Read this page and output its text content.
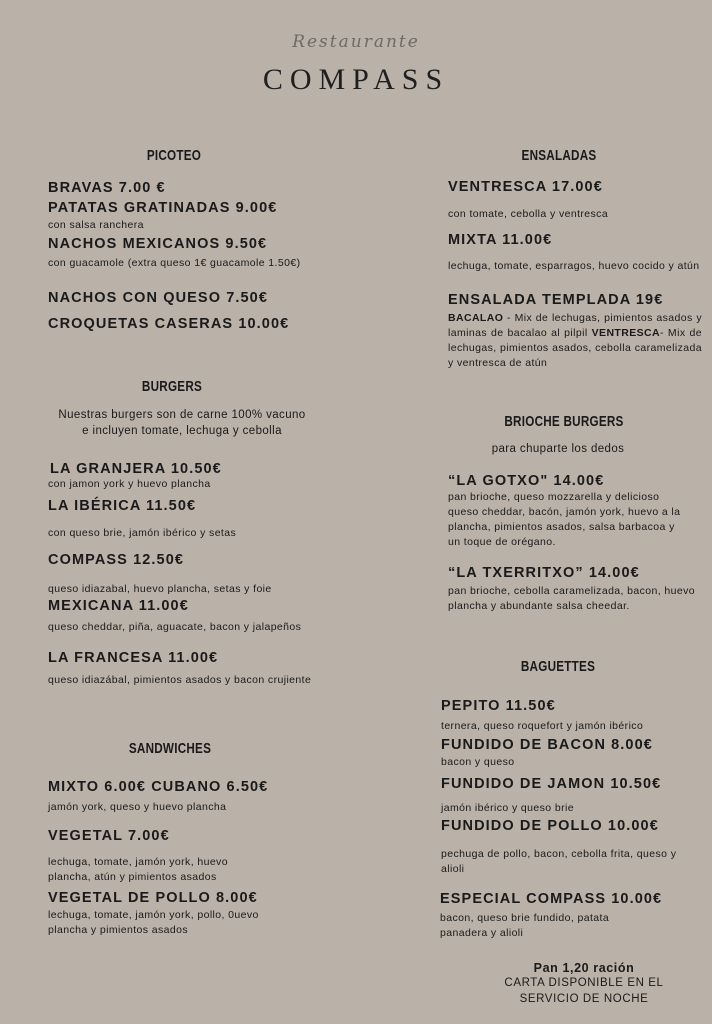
Restaurante
COMPASS
PICOTEO
BRAVAS 7.00 €
PATATAS GRATINADAS 9.00€
con salsa ranchera
NACHOS MEXICANOS 9.50€
con guacamole (extra queso 1€ guacamole 1.50€)
NACHOS CON QUESO 7.50€
CROQUETAS CASERAS 10.00€
BURGERS
Nuestras burgers son de carne 100% vacuno e incluyen tomate, lechuga y cebolla
LA GRANJERA 10.50€
con jamon york y huevo plancha
LA IBÉRICA 11.50€
con queso brie, jamón ibérico y setas
COMPASS 12.50€
queso idiazabal, huevo plancha, setas y foie
MEXICANA 11.00€
queso cheddar, piña, aguacate, bacon y jalapeños
LA FRANCESA 11.00€
queso idiazábal, pimientos asados y bacon crujiente
SANDWICHES
MIXTO 6.00€ CUBANO 6.50€
jamón york, queso y huevo plancha
VEGETAL 7.00€
lechuga, tomate, jamón york, huevo plancha, atún y pimientos asados
VEGETAL DE POLLO 8.00€
lechuga, tomate, jamón york, pollo, 0uevo plancha y pimientos asados
ENSALADAS
VENTRESCA 17.00€
con tomate, cebolla y ventresca
MIXTA 11.00€
lechuga, tomate, esparragos, huevo cocido y atún
ENSALADA TEMPLADA 19€
BACALAO - Mix de lechugas, pimientos asados y laminas de bacalao al pilpil VENTRESCA- Mix de lechugas, pimientos asados, cebolla caramelizada y ventresca de atún
BRIOCHE BURGERS
para chuparte los dedos
“LA GOTXO" 14.00€
pan brioche, queso mozzarella y delicioso queso cheddar, bacón, jamón york, huevo a la plancha, pimientos asados, salsa barbacoa y un toque de orégano.
“LA TXERRITXO” 14.00€
pan brioche, cebolla caramelizada, bacon, huevo plancha y abundante salsa cheedar.
BAGUETTES
PEPITO 11.50€
ternera, queso roquefort y jamón ibérico
FUNDIDO DE BACON 8.00€
bacon y queso
FUNDIDO DE JAMON 10.50€
jamón ibérico y queso brie
FUNDIDO DE POLLO 10.00€
pechuga de pollo, bacon, cebolla frita, queso y alioli
ESPECIAL COMPASS 10.00€
bacon, queso brie fundido, patata panadera y alioli
Pan 1,20 ración
CARTA DISPONIBLE EN EL
SERVICIO DE NOCHE
